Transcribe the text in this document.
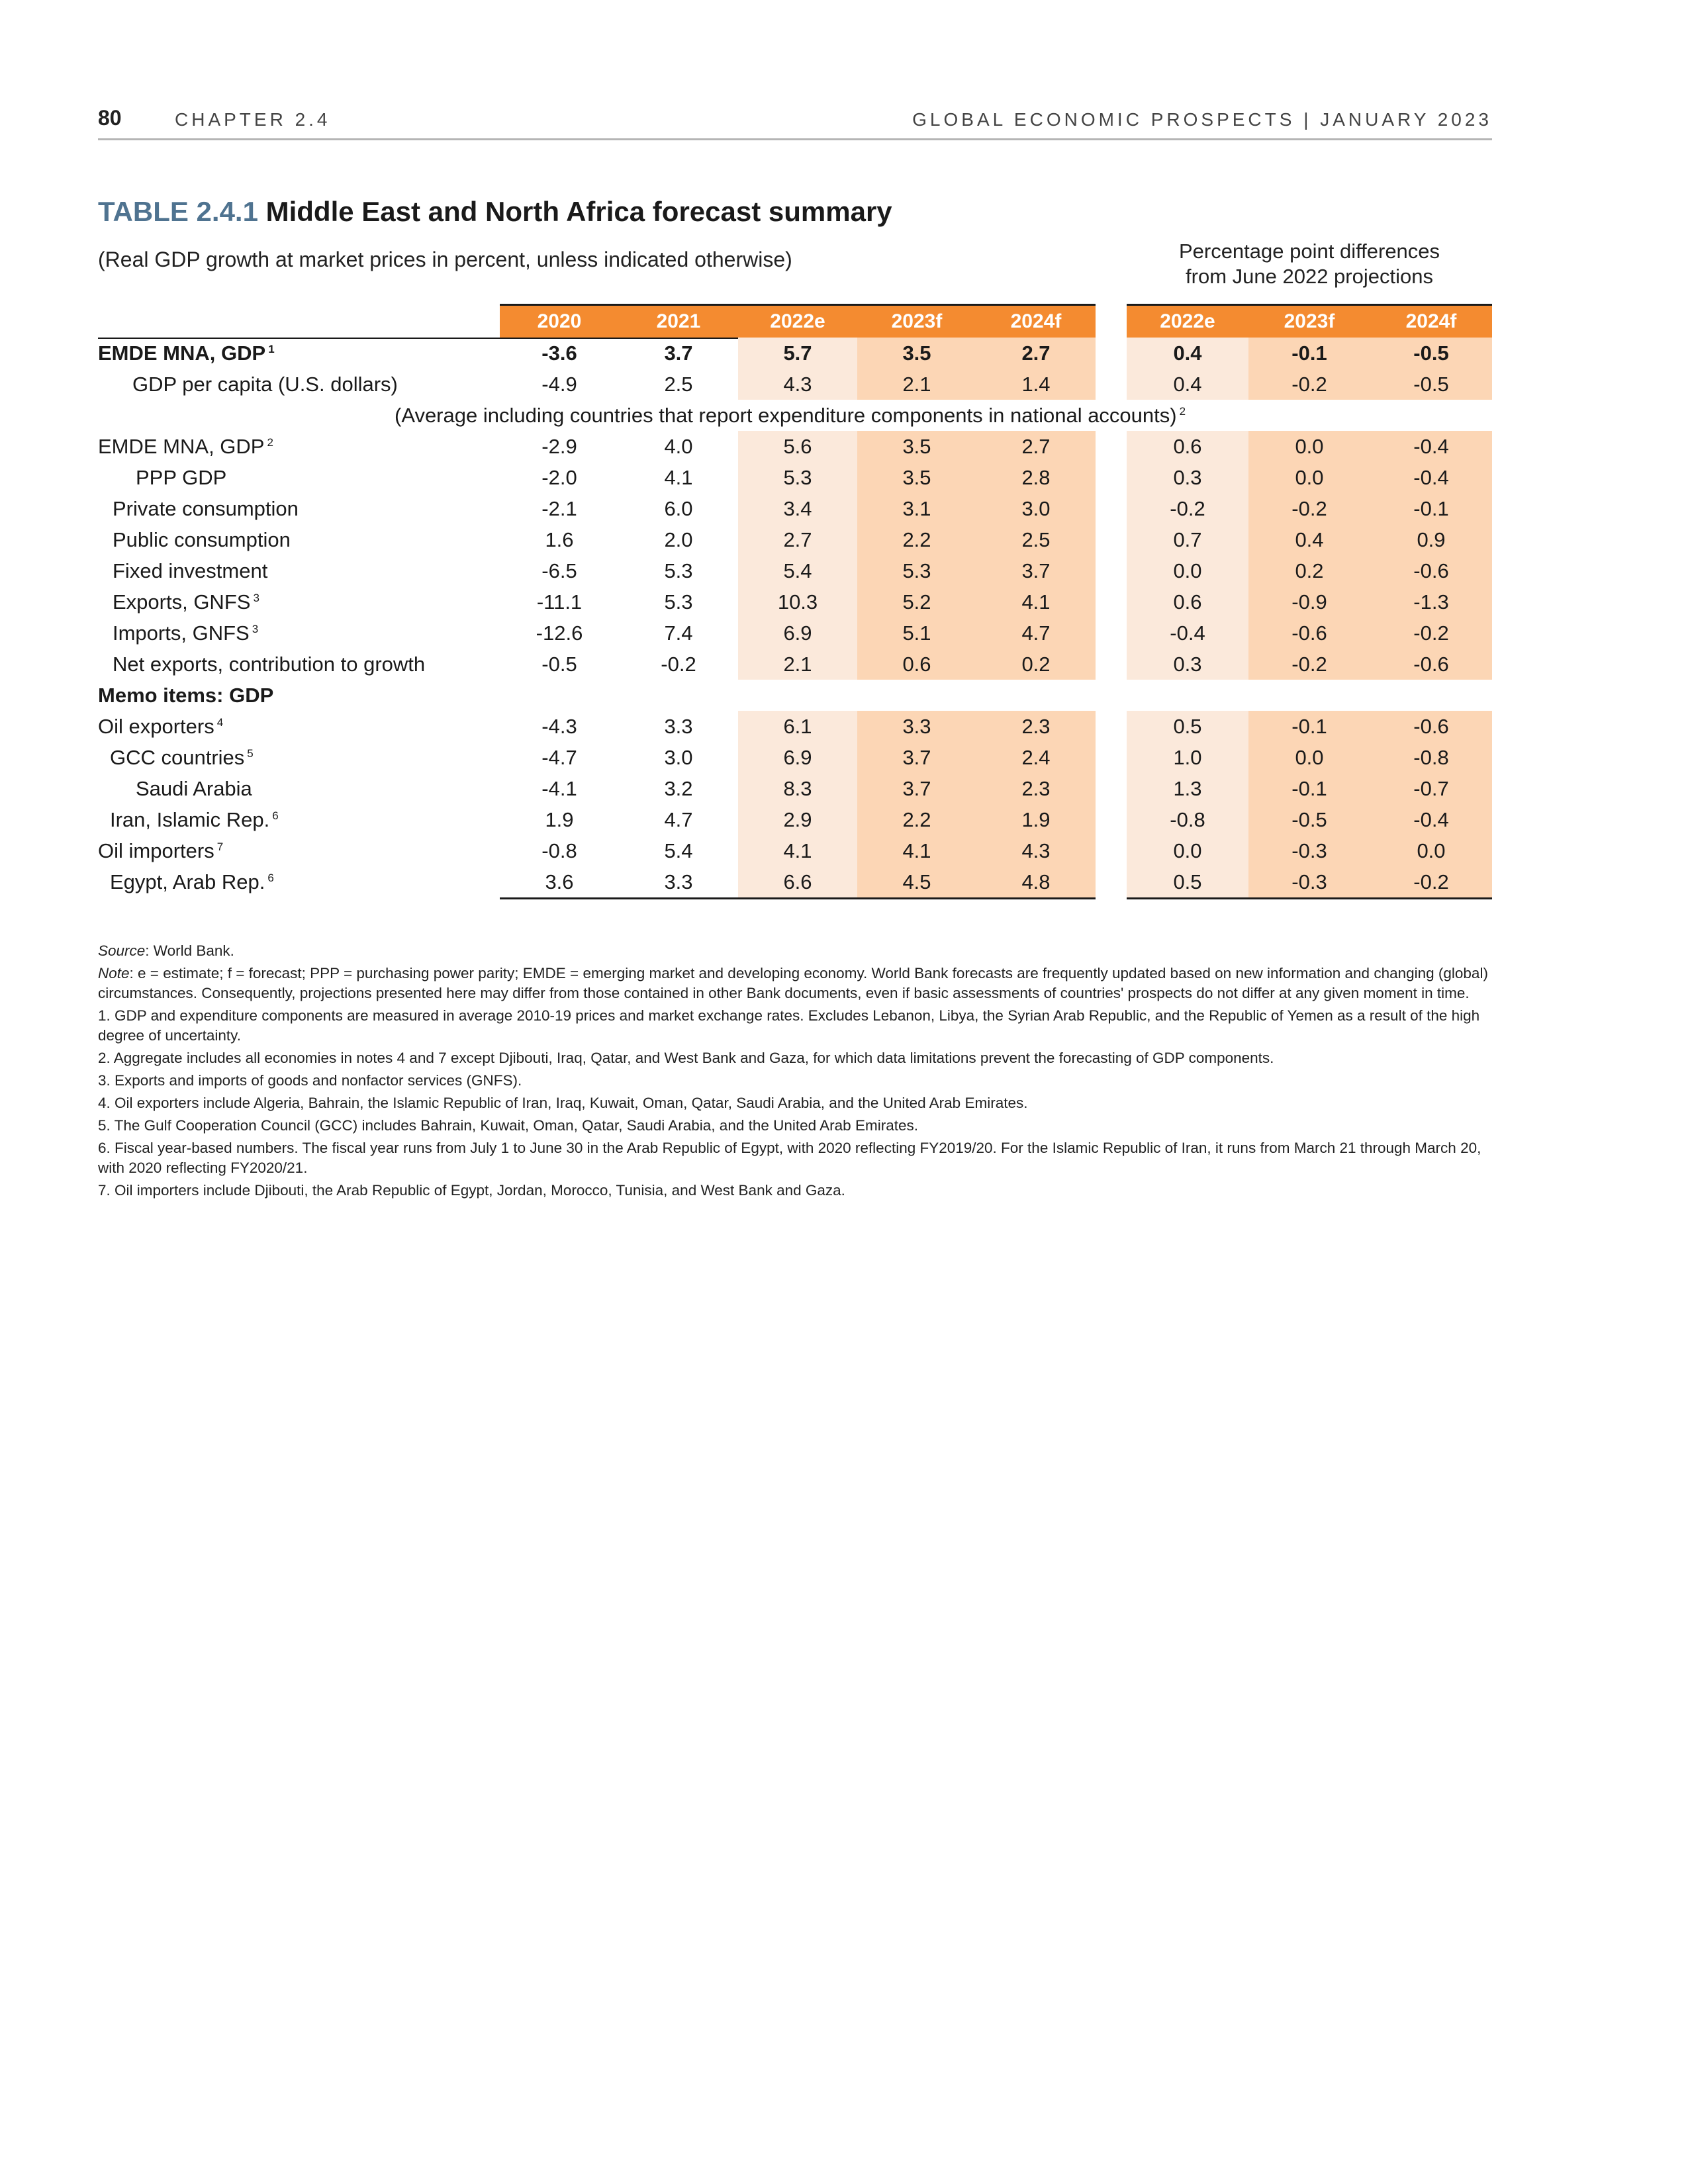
80	CHAPTER 2.4	GLOBAL ECONOMIC PROSPECTS | JANUARY 2023
TABLE 2.4.1 Middle East and North Africa forecast summary
(Real GDP growth at market prices in percent, unless indicated otherwise)	Percentage point differences
from June 2022 projections
2020	2021	2022e	2023f	2024f	2022e	2023f	2024f
EMDE MNA, GDP $^1$	-3.6	3.7	5.7	3.5	2.7	0.4	-0.1	-0.5
GDP per capita (U.S. dollars)	-4.9	2.5	4.3	2.1	1.4	0.4	-0.2	-0.5
EMDE MNA, GDP $^2$	-2.9	4.0	5.6	3.5	2.7	0.6	0.0	-0.4
PPP GDP	-2.0	4.1	5.3	3.5	2.8	0.3	0.0	-0.4
Private consumption	-2.1	6.0	3.4	3.1	3.0	-0.2	-0.2	-0.1
Public consumption	1.6	2.0	2.7	2.2	2.5	0.7	0.4	0.9
Fixed investment	-6.5	5.3	5.4	5.3	3.7	0.0	0.2	-0.6
Exports, GNFS $^3$	-11.1	5.3	10.3	5.2	4.1	0.6	-0.9	-1.3
Imports, GNFS $^3$	-12.6	7.4	6.9	5.1	4.7	-0.4	-0.6	-0.2
Net exports, contribution to growth	-0.5	-0.2	2.1	0.6	0.2	0.3	-0.2	-0.6
Oil exporters $^4$	-4.3	3.3	6.1	3.3	2.3	0.5	-0.1	-0.6
GCC countries $^5$	-4.7	3.0	6.9	3.7	2.4	1.0	0.0	-0.8
Saudi Arabia	-4.1	3.2	8.3	3.7	2.3	1.3	-0.1	-0.7
Iran, Islamic Rep. $^6$	1.9	4.7	2.9	2.2	1.9	-0.8	-0.5	-0.4
Oil importers $^7$	-0.8	5.4	4.1	4.1	4.3	0.0	-0.3	0.0
Egypt, Arab Rep. $^6$	3.6	3.3	6.6	4.5	4.8	0.5	-0.3	-0.2
(Average including countries that report expenditure components in national accounts) $^2$
Memo items: GDP

Source: World Bank.

Note: e = estimate; f = forecast; PPP = purchasing power parity; EMDE = emerging market and developing economy. World Bank forecasts are frequently updated based on new information and changing (global) circumstances. Consequently, projections presented here may differ from those contained in other Bank documents, even if basic assessments of countries' prospects do not differ at any given moment in time.

1. GDP and expenditure components are measured in average 2010-19 prices and market exchange rates. Excludes Lebanon, Libya, the Syrian Arab Republic, and the Republic of Yemen as a result of the high degree of uncertainty.

2. Aggregate includes all economies in notes 4 and 7 except Djibouti, Iraq, Qatar, and West Bank and Gaza, for which data limitations prevent the forecasting of GDP components.

3. Exports and imports of goods and nonfactor services (GNFS).

4. Oil exporters include Algeria, Bahrain, the Islamic Republic of Iran, Iraq, Kuwait, Oman, Qatar, Saudi Arabia, and the United Arab Emirates.

5. The Gulf Cooperation Council (GCC) includes Bahrain, Kuwait, Oman, Qatar, Saudi Arabia, and the United Arab Emirates.

6. Fiscal year-based numbers. The fiscal year runs from July 1 to June 30 in the Arab Republic of Egypt, with 2020 reflecting FY2019/20. For the Islamic Republic of Iran, it runs from March 21 through March 20, with 2020 reflecting FY2020/21.

7. Oil importers include Djibouti, the Arab Republic of Egypt, Jordan, Morocco, Tunisia, and West Bank and Gaza.
